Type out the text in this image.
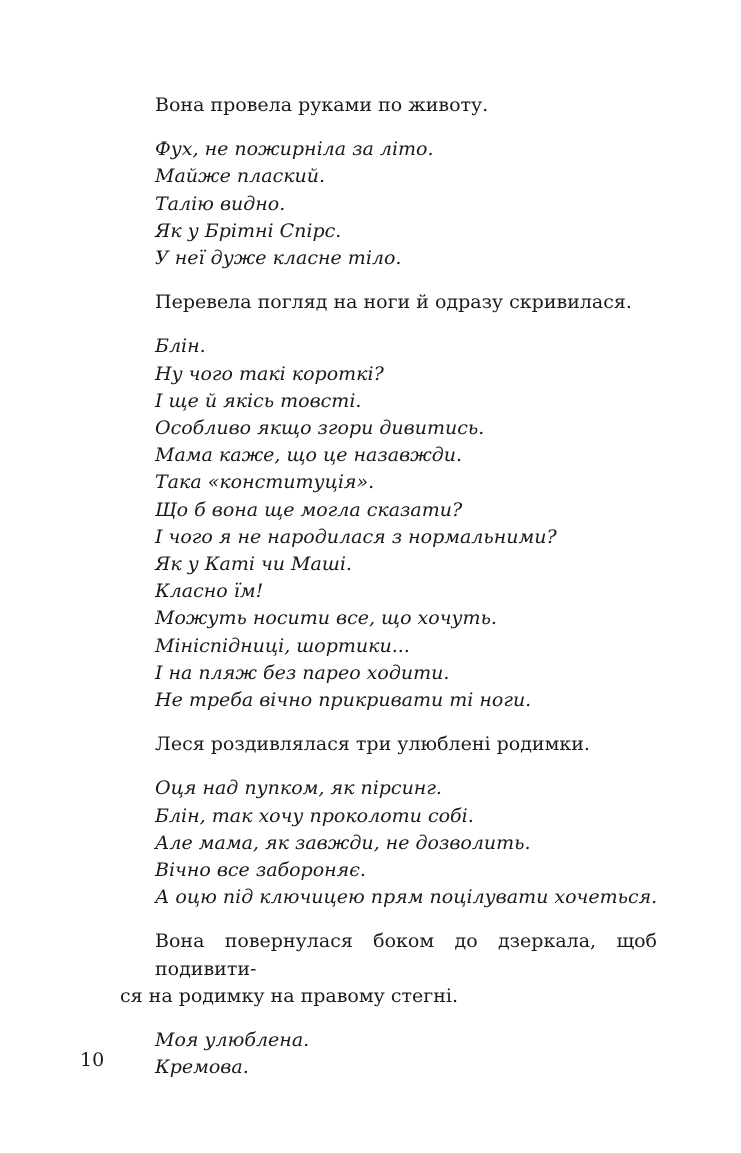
Вона провела руками по животу.
Фух, не пожирніла за літо.
Майже плаский.
Талію видно.
Як у Брітні Спірс.
У неї дуже класне тіло.
Перевела погляд на ноги й одразу скривилася.
Блін.
Ну чого такі короткі?
І ще й якісь товсті.
Особливо якщо згори дивитись.
Мама каже, що це назавжди.
Така «конституція».
Що б вона ще могла сказати?
І чого я не народилася з нормальними?
Як у Каті чи Маші.
Класно їм!
Можуть носити все, що хочуть.
Мініспідниці, шортики...
І на пляж без парео ходити.
Не треба вічно прикривати ті ноги.
Леся роздивлялася три улюблені родимки.
Оця над пупком, як пірсинг.
Блін, так хочу проколоти собі.
Але мама, як завжди, не дозволить.
Вічно все забороняє.
А оцю під ключицею прям поцілувати хочеться.
Вона повернулася боком до дзеркала, щоб подивити-
ся на родимку на правому стегні.
Моя улюблена.
Кремова.
10
